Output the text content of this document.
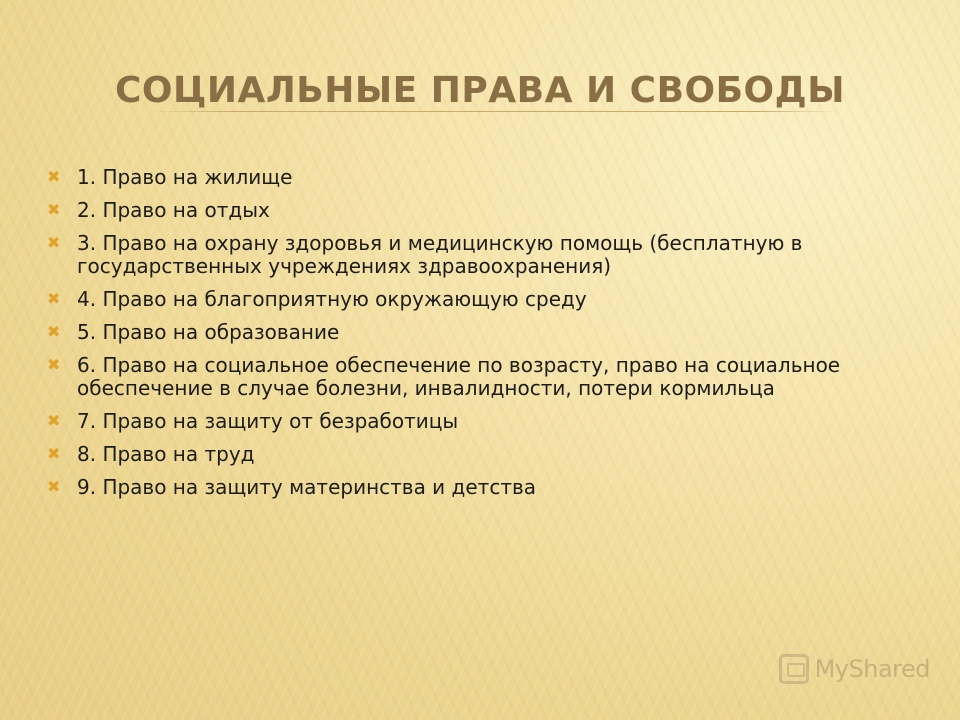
СОЦИАЛЬНЫЕ ПРАВА И СВОБОДЫ
✖ 1. Право на жилище
✖ 2. Право на отдых
✖ 3. Право на охрану здоровья и медицинскую помощь (бесплатную в государственных учреждениях здравоохранения)
✖ 4. Право на благоприятную окружающую среду
✖ 5. Право на образование
✖ 6. Право на социальное обеспечение по возрасту, право на социальное обеспечение в случае болезни, инвалидности, потери кормильца
✖ 7. Право на защиту от безработицы
✖ 8. Право на труд
✖ 9. Право на защиту материнства и детства
MyShared
